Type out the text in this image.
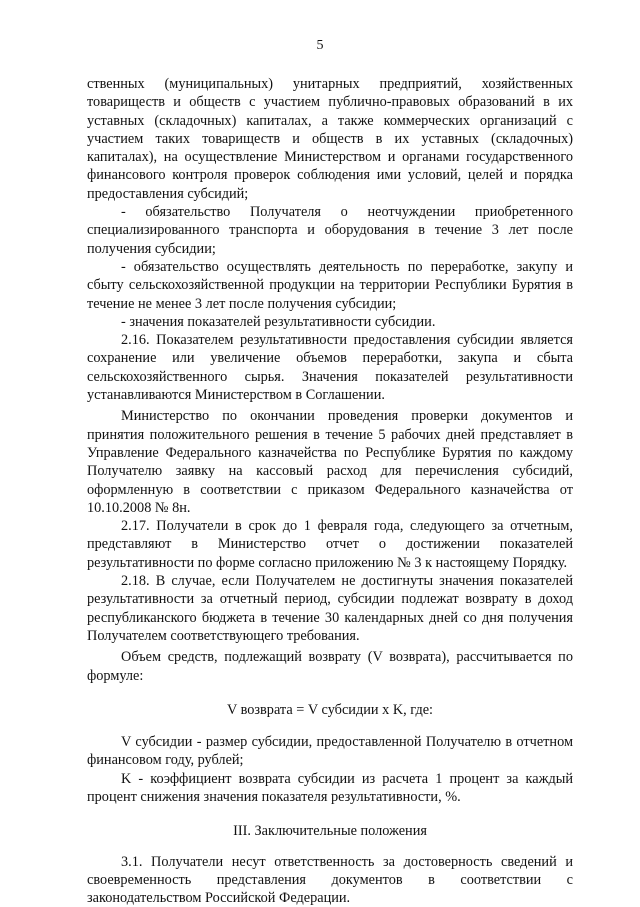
5

ственных (муниципальных) унитарных предприятий, хозяйственных товариществ и обществ с участием публично-правовых образований в их уставных (складочных) капиталах, а также коммерческих организаций с участием таких товариществ и обществ в их уставных (складочных) капиталах), на осуществление Министерством и органами государственного финансового контроля проверок соблюдения ими условий, целей и порядка предоставления субсидий;

- обязательство Получателя о неотчуждении приобретенного специализированного транспорта и оборудования в течение 3 лет после получения субсидии;

- обязательство осуществлять деятельность по переработке, закупу и сбыту сельскохозяйственной продукции на территории Республики Бурятия в течение не менее 3 лет после получения субсидии;

- значения показателей результативности субсидии.

2.16. Показателем результативности предоставления субсидии является сохранение или увеличение объемов переработки, закупа и сбыта сельскохозяйственного сырья. Значения показателей результативности устанавливаются Министерством в Соглашении.

Министерство по окончании проведения проверки документов и принятия положительного решения в течение 5 рабочих дней представляет в Управление Федерального казначейства по Республике Бурятия по каждому Получателю заявку на кассовый расход для перечисления субсидий, оформленную в соответствии с приказом Федерального казначейства от 10.10.2008 № 8н.

2.17. Получатели в срок до 1 февраля года, следующего за отчетным, представляют в Министерство отчет о достижении показателей результативности по форме согласно приложению № 3 к настоящему Порядку.

2.18. В случае, если Получателем не достигнуты значения показателей результативности за отчетный период, субсидии подлежат возврату в доход республиканского бюджета в течение 30 календарных дней со дня получения Получателем соответствующего требования.

Объем средств, подлежащий возврату (V возврата), рассчитывается по формуле:

V возврата = V субсидии x K, где:

V субсидии - размер субсидии, предоставленной Получателю в отчетном финансовом году, рублей;

K - коэффициент возврата субсидии из расчета 1 процент за каждый процент снижения значения показателя результативности, %.

III. Заключительные положения

3.1. Получатели несут ответственность за достоверность сведений и своевременность представления документов в соответствии с законодательством Российской Федерации.
